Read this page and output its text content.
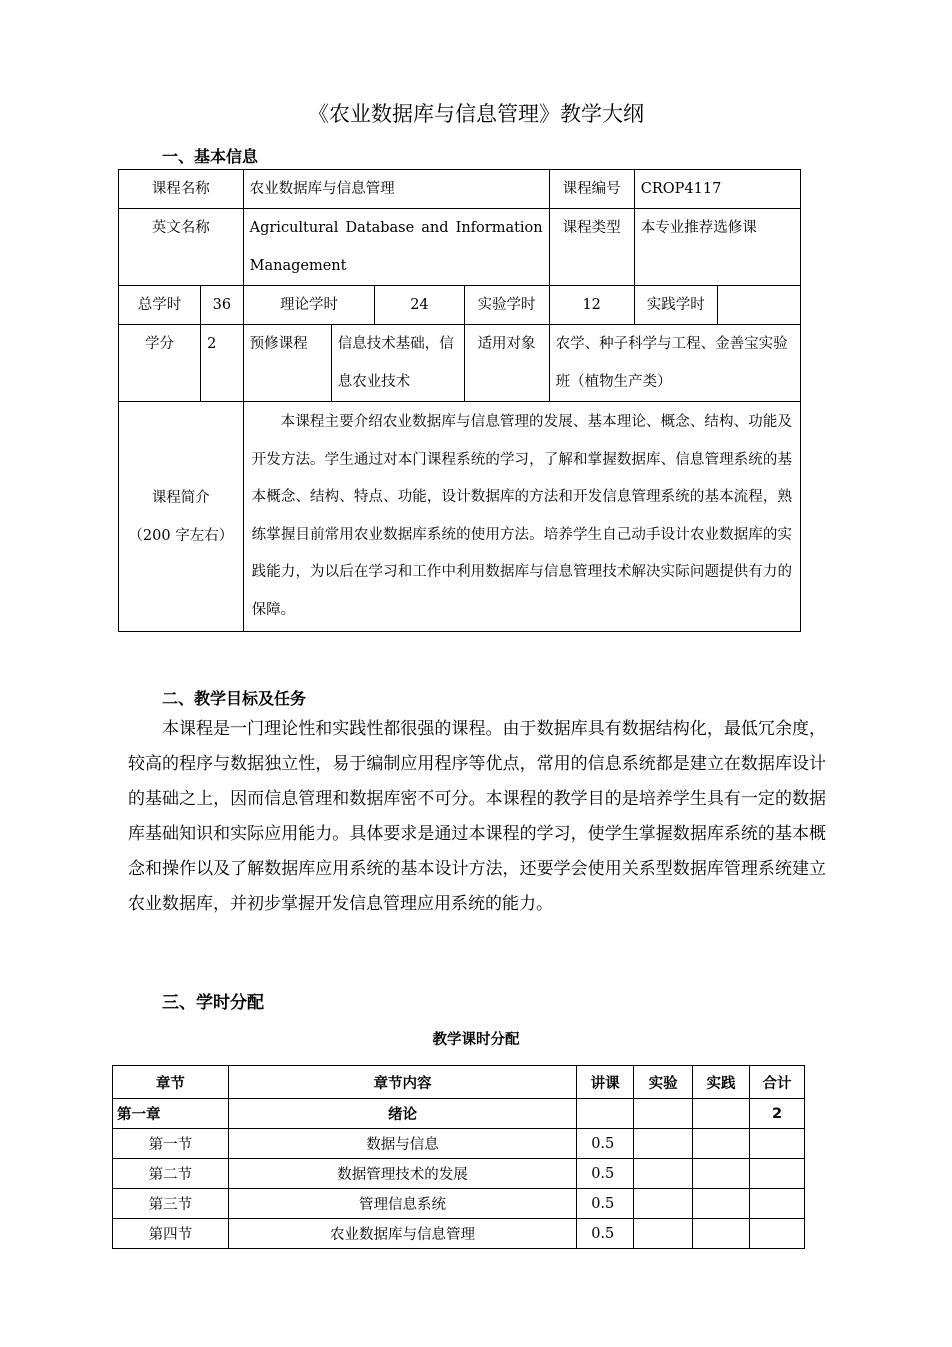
《农业数据库与信息管理》教学大纲
一、基本信息
课程名称		农业数据库与信息管理				课程编号	CROP4117	
英文名称		Agricultural Database and Information
Management				课程类型	本专业推荐选修课	
总学时	36	理论学时		24	实验学时	12	实践学时	
学分	2	预修课程	信息技术基础，信息农业技术		适用对象	农学、种子科学与工程、金善宝实验班（植物生产类）		

课程简介
（200 字左右）		本课程主要介绍农业数据库与信息管理的发展、基本理论、概念、结构、功能及开发方法。学生通过对本门课程系统的学习，了解和掌握数据库、信息管理系统的基本概念、结构、特点、功能，设计数据库的方法和开发信息管理系统的基本流程，熟练掌握目前常用农业数据库系统的使用方法。培养学生自己动手设计农业数据库的实践能力，为以后在学习和工作中利用数据库与信息管理技术解决实际问题提供有力的保障。						
二、教学目标及任务

本课程是一门理论性和实践性都很强的课程。由于数据库具有数据结构化，最低冗余度，较高的程序与数据独立性，易于编制应用程序等优点，常用的信息系统都是建立在数据库设计的基础之上，因而信息管理和数据库密不可分。本课程的教学目的是培养学生具有一定的数据库基础知识和实际应用能力。具体要求是通过本课程的学习，使学生掌握数据库系统的基本概念和操作以及了解数据库应用系统的基本设计方法，还要学会使用关系型数据库管理系统建立农业数据库，并初步掌握开发信息管理应用系统的能力。

三、学时分配
教学课时分配
章节	章节内容	讲课	实验	实践	合计
第一章	绪论				2
第一节	数据与信息	0.5			
第二节	数据管理技术的发展	0.5			
第三节	管理信息系统	0.5			
第四节	农业数据库与信息管理	0.5			
